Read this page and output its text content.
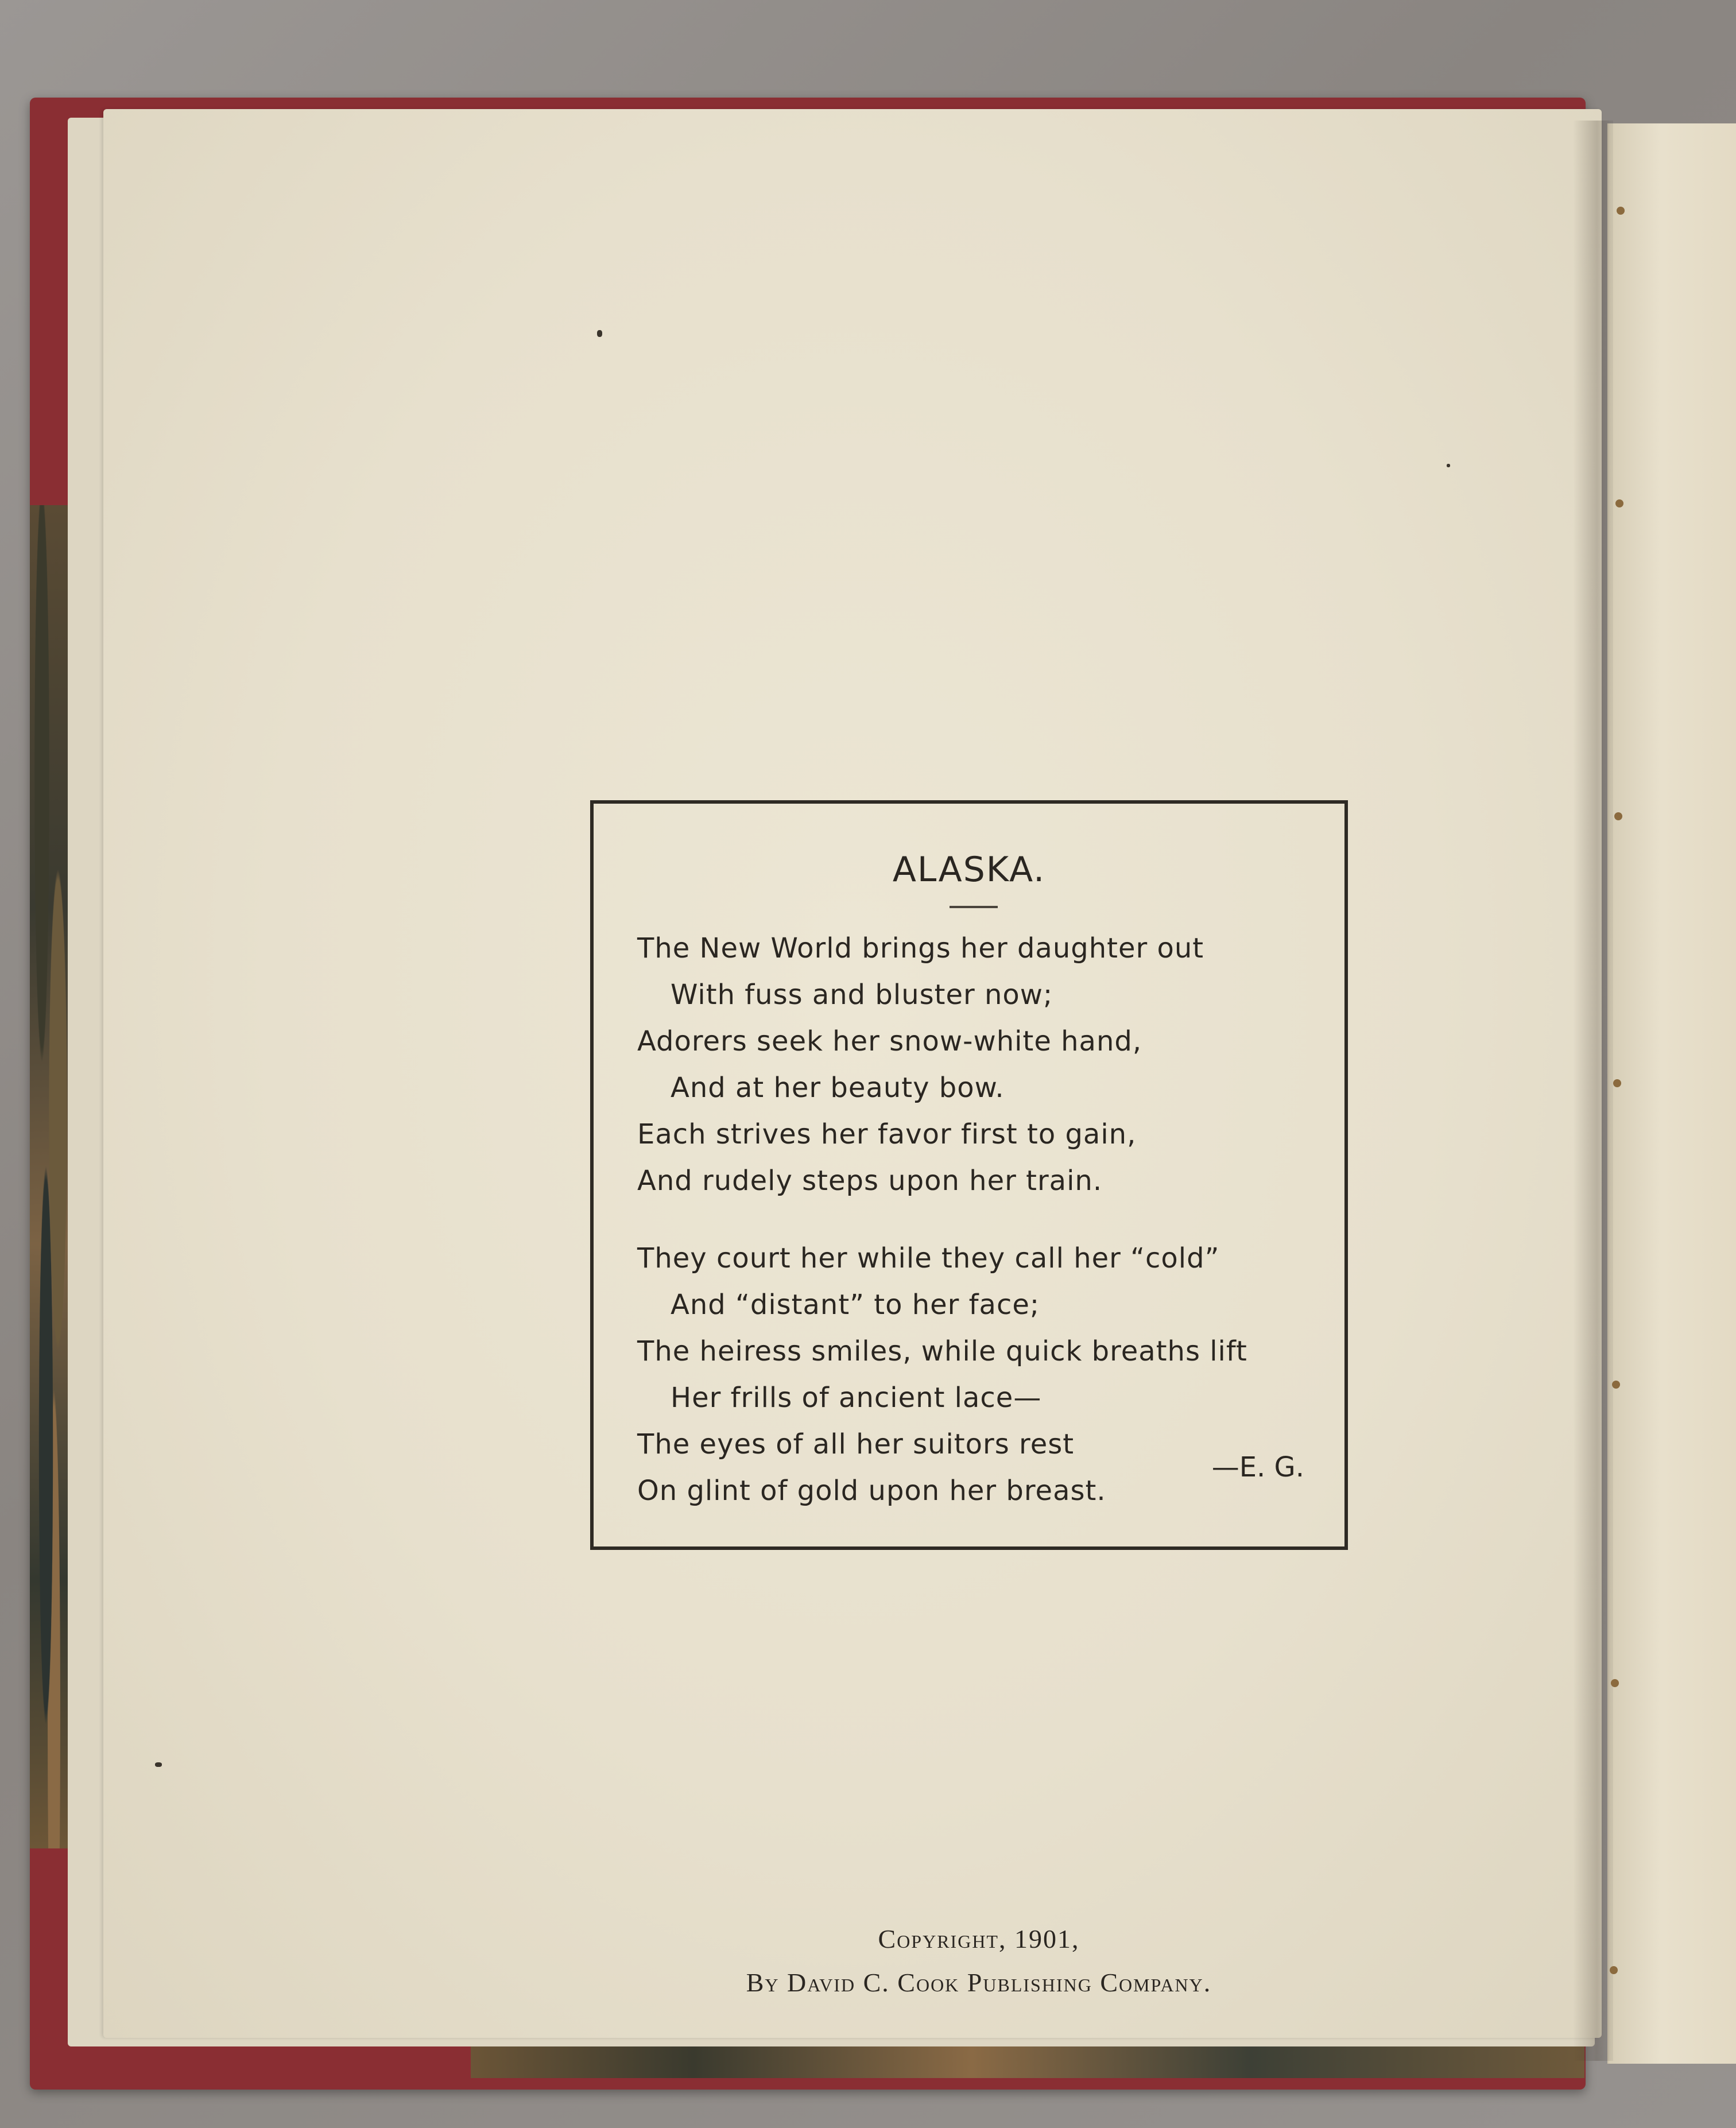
ALASKA.
The New World brings her daughter out
With fuss and bluster now;
Adorers seek her snow-white hand,
And at her beauty bow.
Each strives her favor first to gain,
And rudely steps upon her train.
They court her while they call her “cold”
And “distant” to her face;
The heiress smiles, while quick breaths lift
Her frills of ancient lace—
The eyes of all her suitors rest
On glint of gold upon her breast.
—E. G.
Copyright, 1901,
By David C. Cook Publishing Company.
